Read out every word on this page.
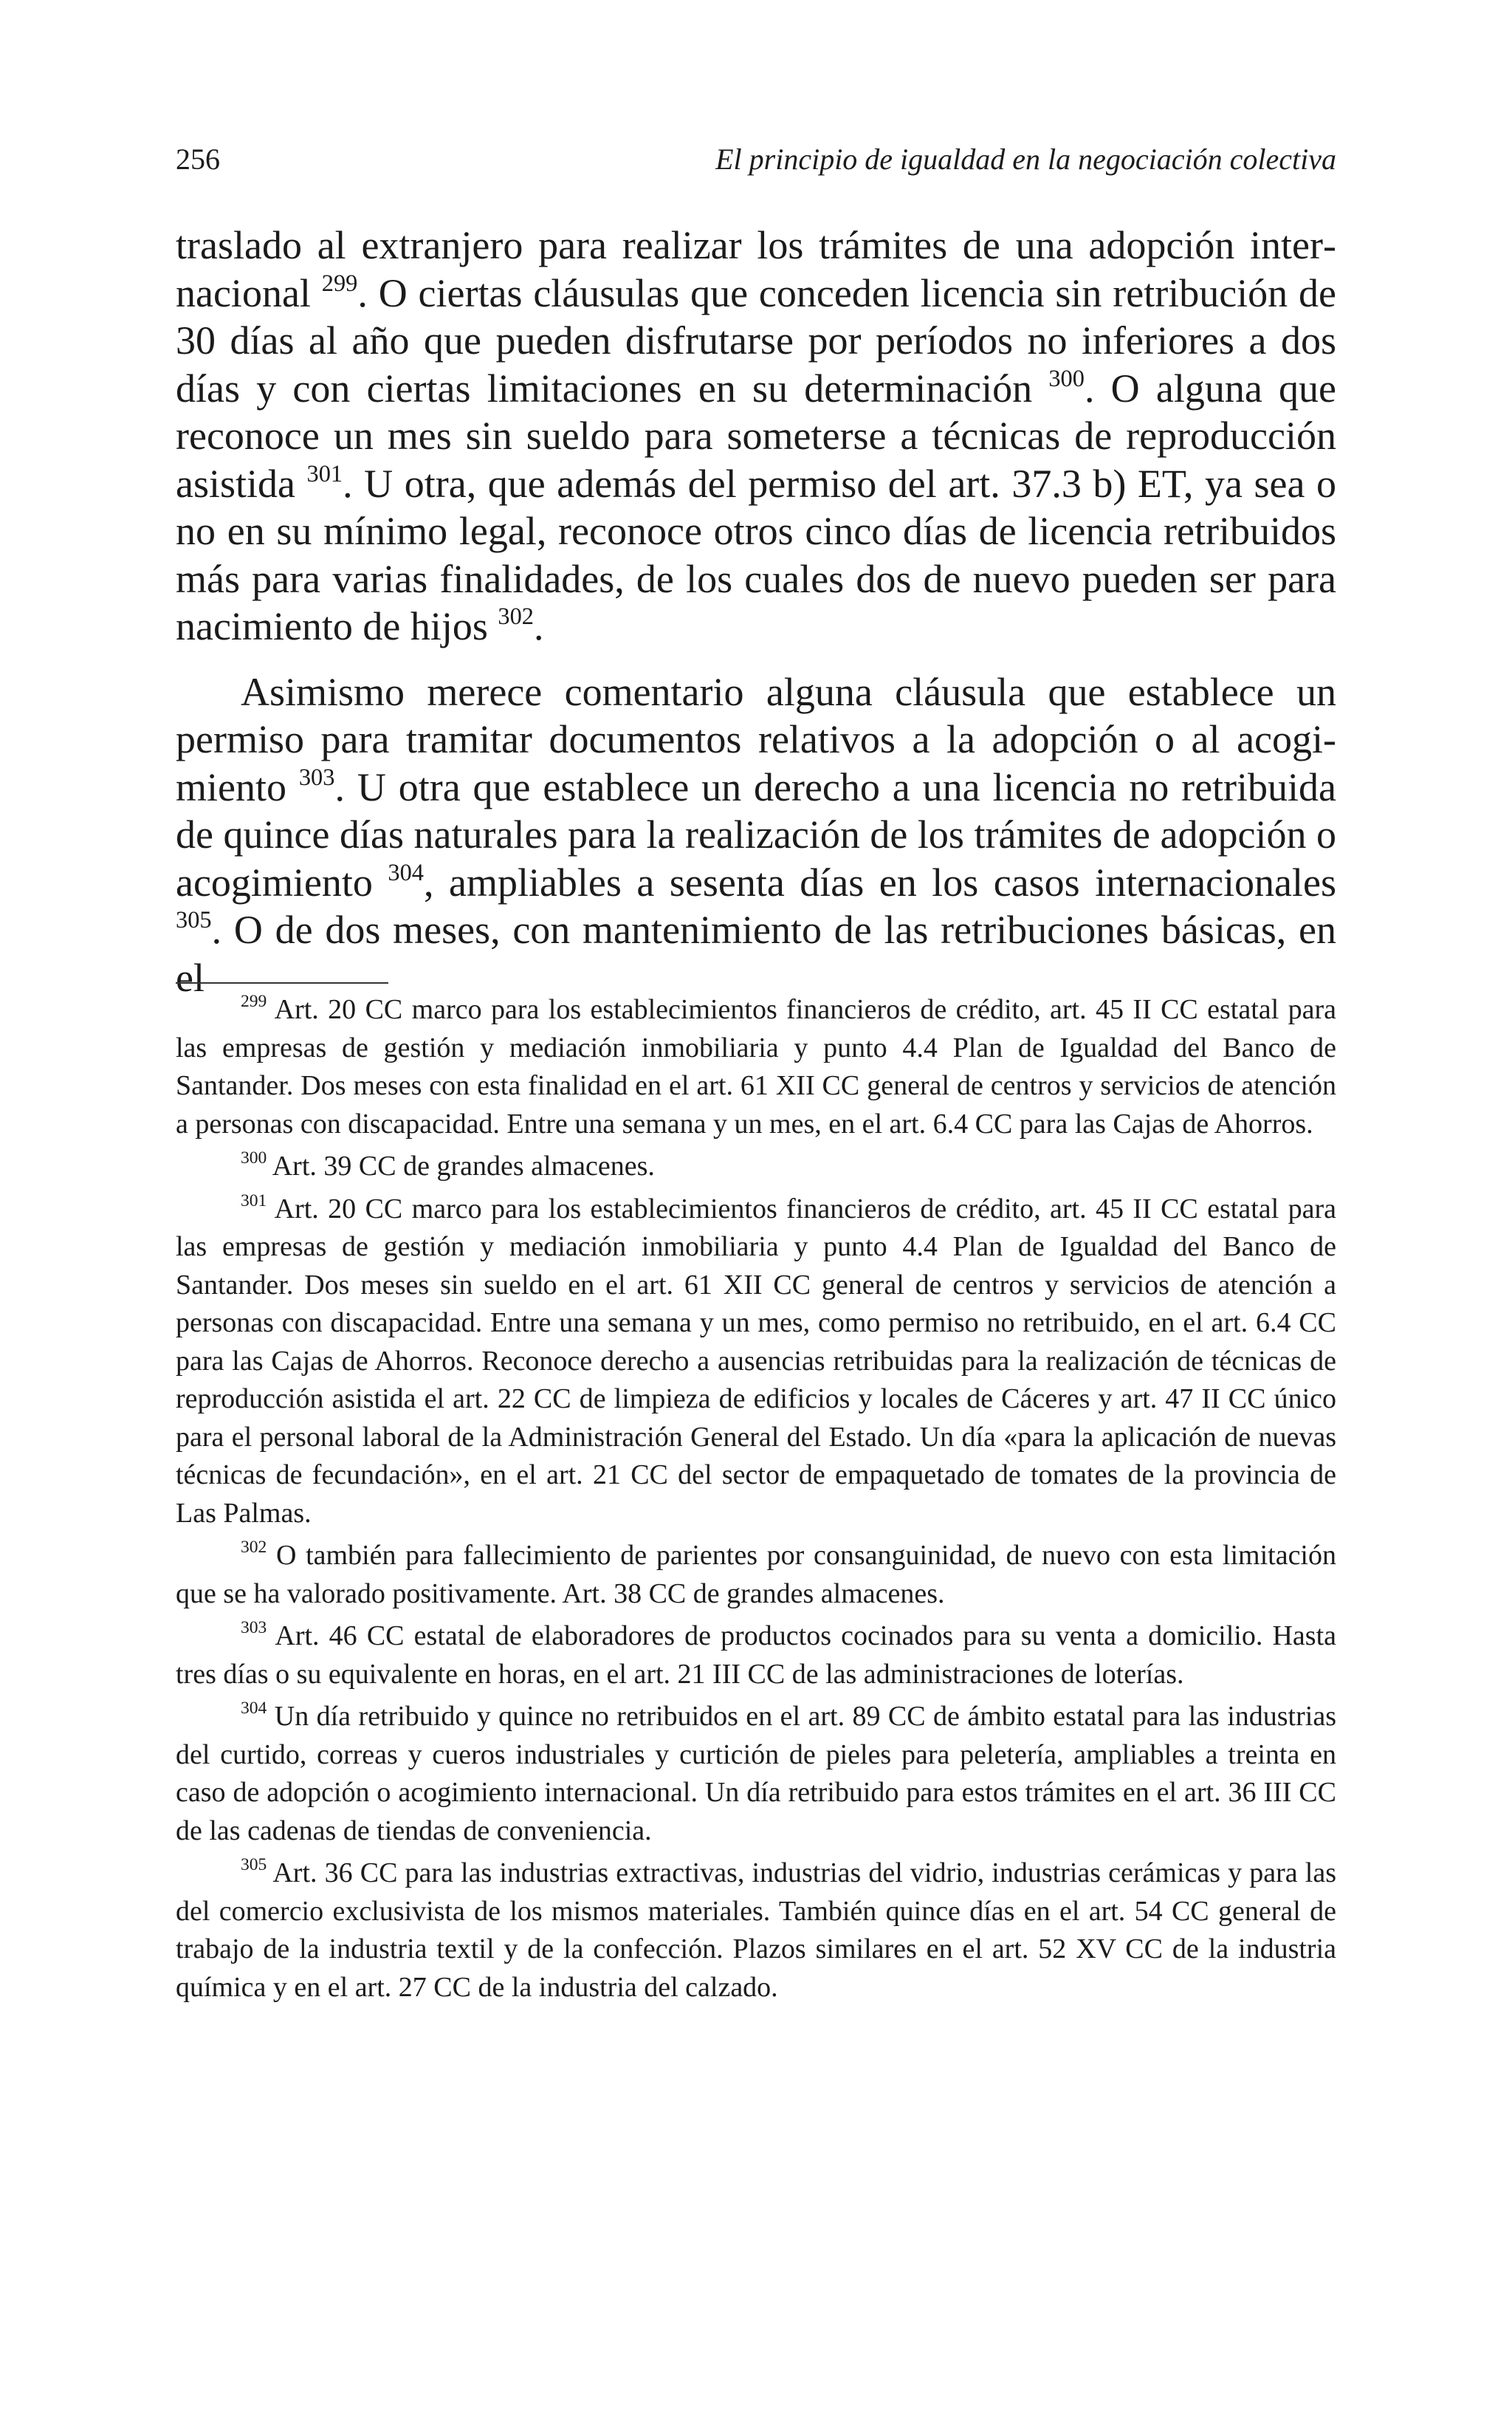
256	El principio de igualdad en la negociación colectiva

traslado al extranjero para realizar los trámites de una adopción internacional $^{299}$. O ciertas cláusulas que conceden licencia sin retribución de 30 días al año que pueden disfrutarse por períodos no inferiores a dos días y con ciertas limitaciones en su determinación $^{300}$. O alguna que reconoce un mes sin sueldo para someterse a técnicas de reproducción asistida $^{301}$. U otra, que además del permiso del art. 37.3 b) ET, ya sea o no en su mínimo legal, reconoce otros cinco días de licencia retribuidos más para varias finalidades, de los cuales dos de nuevo pueden ser para nacimiento de hijos $^{302}$.

Asimismo merece comentario alguna cláusula que establece un permiso para tramitar documentos relativos a la adopción o al acogimiento $^{303}$. U otra que establece un derecho a una licencia no retribuida de quince días naturales para la realización de los trámites de adopción o acogimiento $^{304}$, ampliables a sesenta días en los casos internacionales $^{305}$. O de dos meses, con mantenimiento de las retribuciones básicas, en el

$^{299}$ Art. 20 CC marco para los establecimientos financieros de crédito, art. 45 II CC estatal para las empresas de gestión y mediación inmobiliaria y punto 4.4 Plan de Igualdad del Banco de Santander. Dos meses con esta finalidad en el art. 61 XII CC general de centros y servicios de atención a personas con discapacidad. Entre una semana y un mes, en el art. 6.4 CC para las Cajas de Ahorros.

$^{300}$ Art. 39 CC de grandes almacenes.

$^{301}$ Art. 20 CC marco para los establecimientos financieros de crédito, art. 45 II CC estatal para las empresas de gestión y mediación inmobiliaria y punto 4.4 Plan de Igualdad del Banco de Santander. Dos meses sin sueldo en el art. 61 XII CC general de centros y servicios de atención a personas con discapacidad. Entre una semana y un mes, como permiso no retribuido, en el art. 6.4 CC para las Cajas de Ahorros. Reconoce derecho a ausencias retribuidas para la realización de técnicas de reproducción asistida el art. 22 CC de limpieza de edificios y locales de Cáceres y art. 47 II CC único para el personal laboral de la Administración General del Estado. Un día «para la aplicación de nuevas técnicas de fecundación», en el art. 21 CC del sector de empaquetado de tomates de la provincia de Las Palmas.

$^{302}$ O también para fallecimiento de parientes por consanguinidad, de nuevo con esta limitación que se ha valorado positivamente. Art. 38 CC de grandes almacenes.

$^{303}$ Art. 46 CC estatal de elaboradores de productos cocinados para su venta a domicilio. Hasta tres días o su equivalente en horas, en el art. 21 III CC de las administraciones de loterías.

$^{304}$ Un día retribuido y quince no retribuidos en el art. 89 CC de ámbito estatal para las industrias del curtido, correas y cueros industriales y curtición de pieles para peletería, ampliables a treinta en caso de adopción o acogimiento internacional. Un día retribuido para estos trámites en el art. 36 III CC de las cadenas de tiendas de conveniencia.

$^{305}$ Art. 36 CC para las industrias extractivas, industrias del vidrio, industrias cerámicas y para las del comercio exclusivista de los mismos materiales. También quince días en el art. 54 CC general de trabajo de la industria textil y de la confección. Plazos similares en el art. 52 XV CC de la industria química y en el art. 27 CC de la industria del calzado.
